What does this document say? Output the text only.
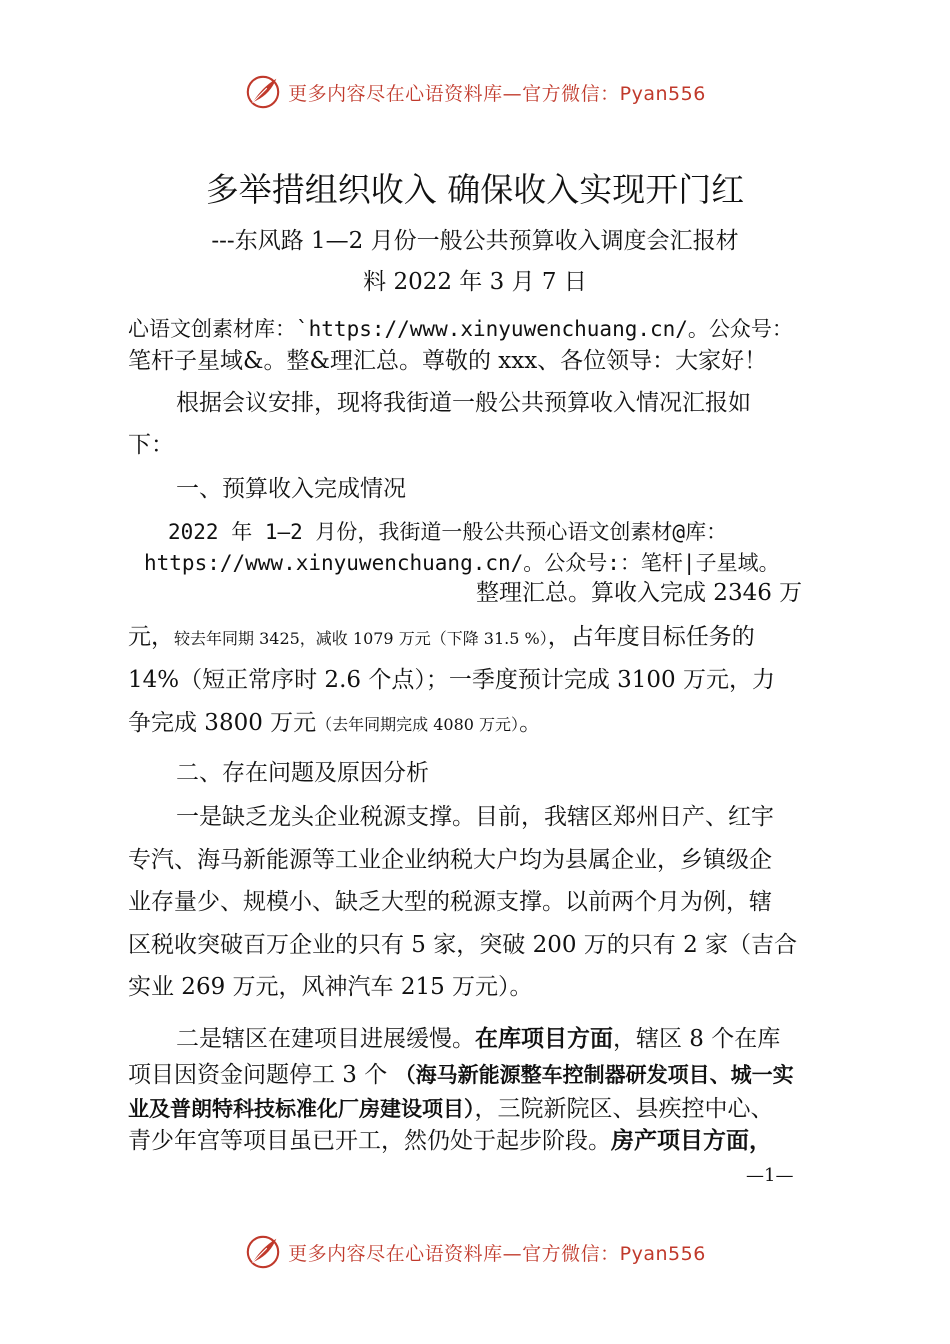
更多内容尽在心语资料库—官方微信：Pyan556
多举措组织收入 确保收入实现开门红
---东风路 1—2 月份一般公共预算收入调度会汇报材
料 2022 年 3 月 7 日
心语文创素材库：`https://www.xinyuwenchuang.cn/。公众号：
笔杆子星域&。整&理汇总。尊敬的 xxx、各位领导：大家好！
根据会议安排，现将我街道一般公共预算收入情况汇报如
下：
一、预算收入完成情况
2022 年 1—2 月份，我街道一般公共预心语文创素材@库：
https://www.xinyuwenchuang.cn/。公众号:：笔杆|子星域。
整理汇总。算收入完成 2346 万
元，较去年同期 3425，减收 1079 万元（下降 31.5 %），占年度目标任务的
14%（短正常序时 2.6 个点）；一季度预计完成 3100 万元，力
争完成 3800 万元（去年同期完成 4080 万元）。
二、存在问题及原因分析
一是缺乏龙头企业税源支撑。目前，我辖区郑州日产、红宇
专汽、海马新能源等工业企业纳税大户均为县属企业，乡镇级企
业存量少、规模小、缺乏大型的税源支撑。以前两个月为例，辖
区税收突破百万企业的只有 5 家，突破 200 万的只有 2 家（吉合
实业 269 万元，风神汽车 215 万元）。
二是辖区在建项目进展缓慢。在库项目方面，辖区 8 个在库
项目因资金问题停工 3 个 （海马新能源整车控制器研发项目、城一实
业及普朗特科技标准化厂房建设项目），三院新院区、县疾控中心、
青少年宫等项目虽已开工，然仍处于起步阶段。房产项目方面，
—1—
更多内容尽在心语资料库—官方微信：Pyan556
